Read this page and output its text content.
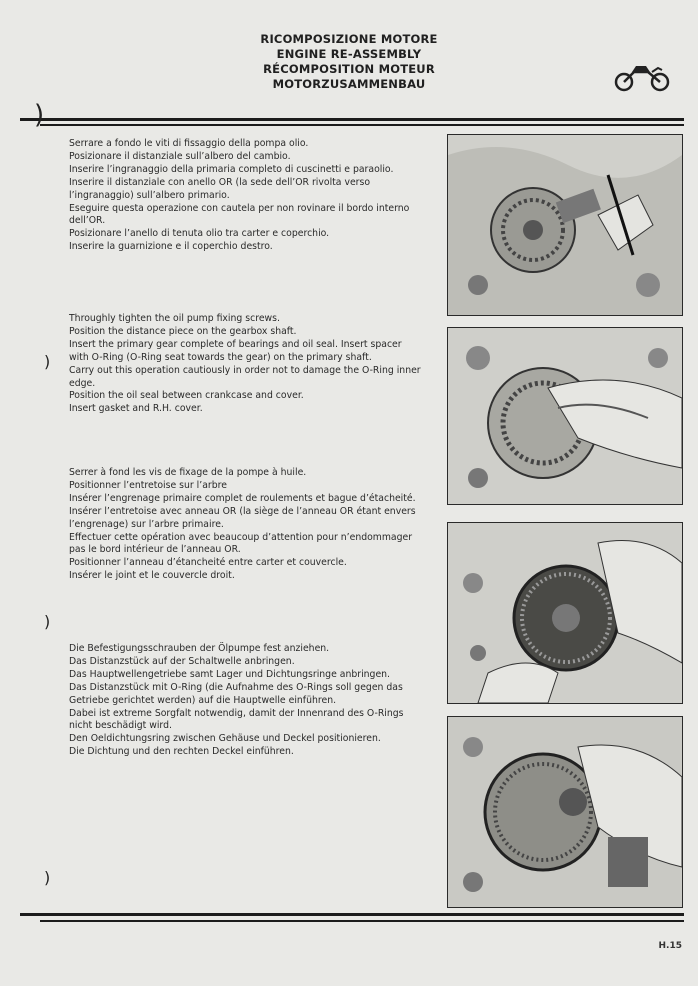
RICOMPOSIZIONE MOTORE
ENGINE RE-ASSEMBLY
RÉCOMPOSITION MOTEUR
MOTORZUSAMMENBAU
)

Serrare a fondo le viti di fissaggio della pompa olio.

Posizionare il distanziale sull’albero del cambio.

Inserire l’ingranaggio della primaria completo di cuscinetti e paraolio.

Inserire il distanziale con anello OR (la sede dell’OR rivolta verso l’ingranaggio) sull’albero primario.

Eseguire questa operazione con cautela per non rovinare il bordo interno dell’OR.

Posizionare l’anello di tenuta olio tra carter e coperchio.

Inserire la guarnizione e il coperchio destro.

Throughly tighten the oil pump fixing screws.

Position the distance piece on the gearbox shaft.

Insert the primary gear complete of bearings and oil seal. Insert spacer with O-Ring (O-Ring seat towards the gear) on the primary shaft.

Carry out this operation cautiously in order not to damage the O-Ring inner edge.

Position the oil seal between crankcase and cover.

Insert gasket and R.H. cover.

Serrer à fond les vis de fixage de la pompe à huile.

Positionner l’entretoise sur l’arbre

Insérer l’engrenage primaire complet de roulements et bague d’étacheité.

Insérer l’entretoise avec anneau OR (la siège de l’anneau OR étant envers l’engrenage) sur l’arbre primaire.

Effectuer cette opération avec beaucoup d’attention pour n’endommager pas le bord intérieur de l’anneau OR.

Positionner l’anneau d’étancheité entre carter et couvercle.

Insérer le joint et le couvercle droit.

Die Befestigungsschrauben der Ölpumpe fest anziehen.

Das Distanzstück auf der Schaltwelle anbringen.

Das Hauptwellengetriebe samt Lager und Dichtungsringe anbringen.

Das Distanzstück mit O-Ring (die Aufnahme des O-Rings soll gegen das Getriebe gerichtet werden) auf die Hauptwelle einführen.

Dabei ist extreme Sorgfalt notwendig, damit der Innenrand des O-Rings nicht beschädigt wird.

Den Oeldichtungsring zwischen Gehäuse und Deckel positionieren.

Die Dichtung und den rechten Deckel einführen.

)
)
)
H.15
